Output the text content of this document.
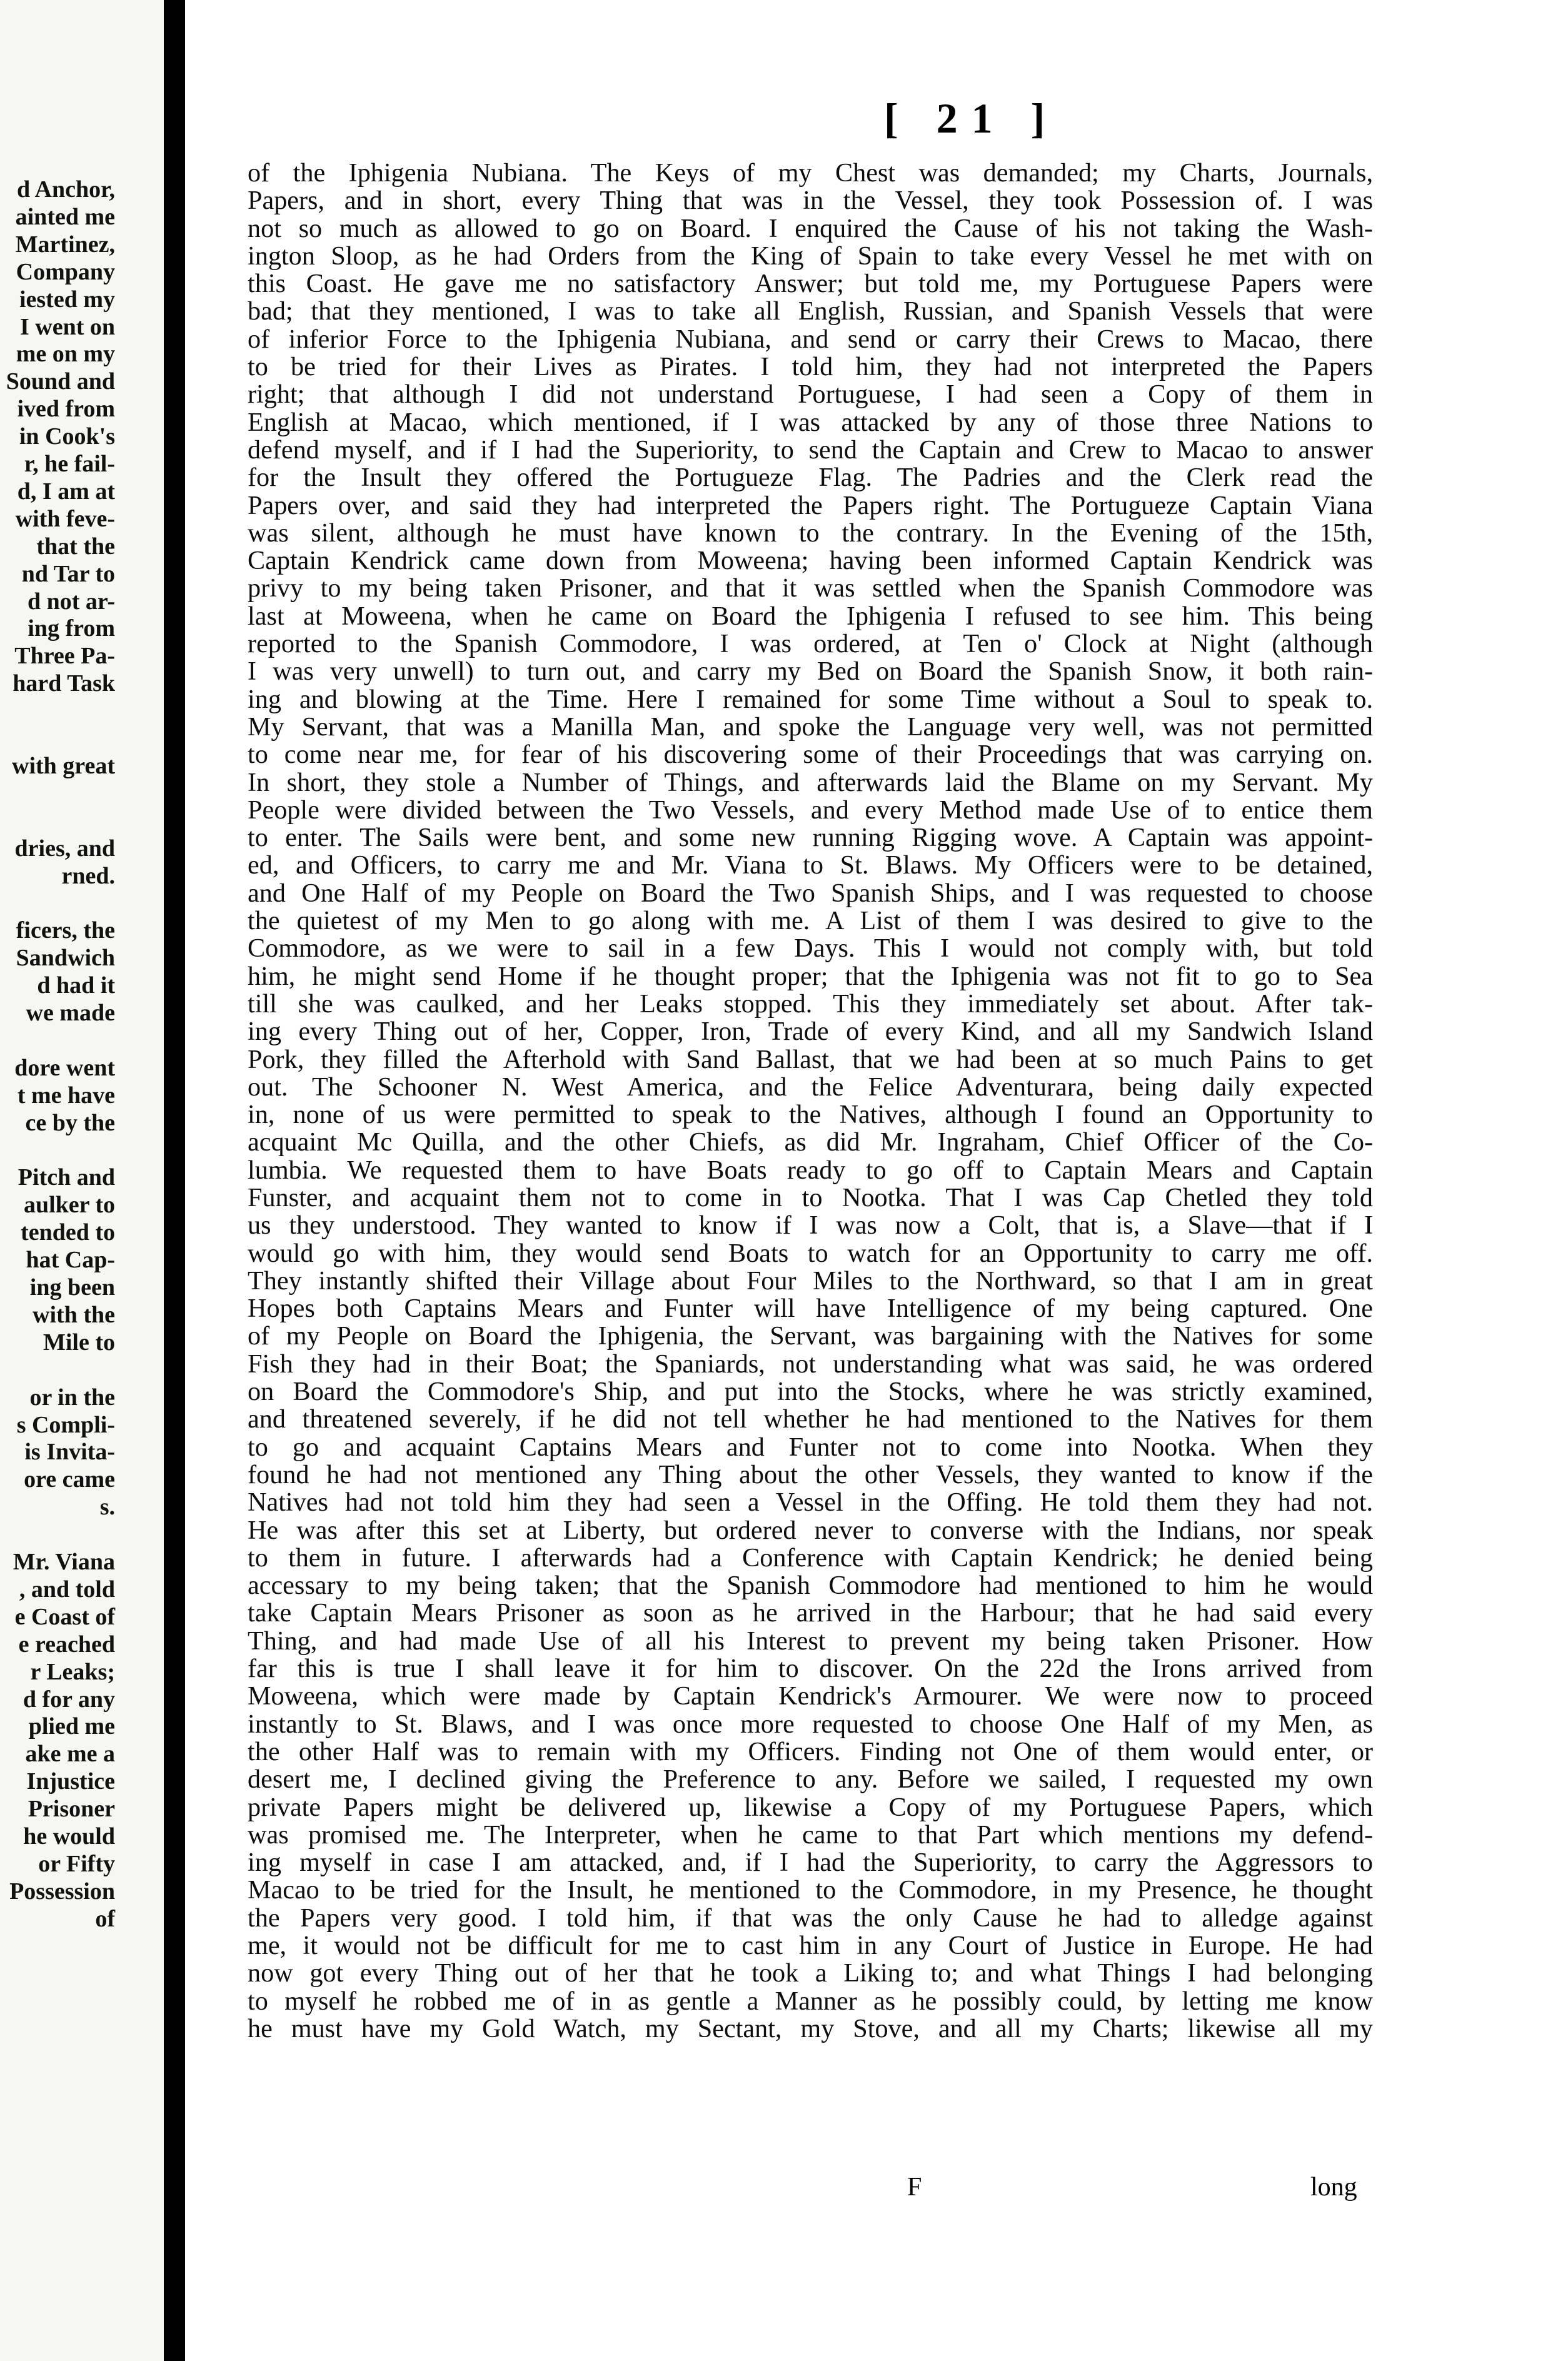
d Anchor,
ainted me
Martinez,
Company
iested my
I went on
me on my
Sound and
ived from
in Cook's
r, he fail-
d, I am at
with feve-
that the
nd Tar to
d not ar-
ing from
Three Pa-
hard Task
with great
dries, and
rned.
ficers, the
Sandwich
d had it
we made
dore went
t me have
ce by the
Pitch and
aulker to
tended to
hat Cap-
ing been
with the
Mile to
or in the
s Compli-
is Invita-
ore came
s.
Mr. Viana
, and told
e Coast of
e reached
r Leaks;
d for any
plied me
ake me a
Injustice
Prisoner
he would
or Fifty
Possession
of
[ 21 ]
of the Iphigenia Nubiana. The Keys of my Chest was demanded; my Charts, Journals,
Papers, and in short, every Thing that was in the Vessel, they took Possession of. I was
not so much as allowed to go on Board. I enquired the Cause of his not taking the Wash-
ington Sloop, as he had Orders from the King of Spain to take every Vessel he met with on
this Coast. He gave me no satisfactory Answer; but told me, my Portuguese Papers were
bad; that they mentioned, I was to take all English, Russian, and Spanish Vessels that were
of inferior Force to the Iphigenia Nubiana, and send or carry their Crews to Macao, there
to be tried for their Lives as Pirates. I told him, they had not interpreted the Papers
right; that although I did not understand Portuguese, I had seen a Copy of them in
English at Macao, which mentioned, if I was attacked by any of those three Nations to
defend myself, and if I had the Superiority, to send the Captain and Crew to Macao to answer
for the Insult they offered the Portugueze Flag. The Padries and the Clerk read the
Papers over, and said they had interpreted the Papers right. The Portugueze Captain Viana
was silent, although he must have known to the contrary. In the Evening of the 15th,
Captain Kendrick came down from Moweena; having been informed Captain Kendrick was
privy to my being taken Prisoner, and that it was settled when the Spanish Commodore was
last at Moweena, when he came on Board the Iphigenia I refused to see him. This being
reported to the Spanish Commodore, I was ordered, at Ten o' Clock at Night (although
I was very unwell) to turn out, and carry my Bed on Board the Spanish Snow, it both rain-
ing and blowing at the Time. Here I remained for some Time without a Soul to speak to.
My Servant, that was a Manilla Man, and spoke the Language very well, was not permitted
to come near me, for fear of his discovering some of their Proceedings that was carrying on.
In short, they stole a Number of Things, and afterwards laid the Blame on my Servant. My
People were divided between the Two Vessels, and every Method made Use of to entice them
to enter. The Sails were bent, and some new running Rigging wove. A Captain was appoint-
ed, and Officers, to carry me and Mr. Viana to St. Blaws. My Officers were to be detained,
and One Half of my People on Board the Two Spanish Ships, and I was requested to choose
the quietest of my Men to go along with me. A List of them I was desired to give to the
Commodore, as we were to sail in a few Days. This I would not comply with, but told
him, he might send Home if he thought proper; that the Iphigenia was not fit to go to Sea
till she was caulked, and her Leaks stopped. This they immediately set about. After tak-
ing every Thing out of her, Copper, Iron, Trade of every Kind, and all my Sandwich Island
Pork, they filled the Afterhold with Sand Ballast, that we had been at so much Pains to get
out. The Schooner N. West America, and the Felice Adventurara, being daily expected
in, none of us were permitted to speak to the Natives, although I found an Opportunity to
acquaint Mc Quilla, and the other Chiefs, as did Mr. Ingraham, Chief Officer of the Co-
lumbia. We requested them to have Boats ready to go off to Captain Mears and Captain
Funster, and acquaint them not to come in to Nootka. That I was Cap Chetled they told
us they understood. They wanted to know if I was now a Colt, that is, a Slave—that if I
would go with him, they would send Boats to watch for an Opportunity to carry me off.
They instantly shifted their Village about Four Miles to the Northward, so that I am in great
Hopes both Captains Mears and Funter will have Intelligence of my being captured. One
of my People on Board the Iphigenia, the Servant, was bargaining with the Natives for some
Fish they had in their Boat; the Spaniards, not understanding what was said, he was ordered
on Board the Commodore's Ship, and put into the Stocks, where he was strictly examined,
and threatened severely, if he did not tell whether he had mentioned to the Natives for them
to go and acquaint Captains Mears and Funter not to come into Nootka. When they
found he had not mentioned any Thing about the other Vessels, they wanted to know if the
Natives had not told him they had seen a Vessel in the Offing. He told them they had not.
He was after this set at Liberty, but ordered never to converse with the Indians, nor speak
to them in future. I afterwards had a Conference with Captain Kendrick; he denied being
accessary to my being taken; that the Spanish Commodore had mentioned to him he would
take Captain Mears Prisoner as soon as he arrived in the Harbour; that he had said every
Thing, and had made Use of all his Interest to prevent my being taken Prisoner. How
far this is true I shall leave it for him to discover. On the 22d the Irons arrived from
Moweena, which were made by Captain Kendrick's Armourer. We were now to proceed
instantly to St. Blaws, and I was once more requested to choose One Half of my Men, as
the other Half was to remain with my Officers. Finding not One of them would enter, or
desert me, I declined giving the Preference to any. Before we sailed, I requested my own
private Papers might be delivered up, likewise a Copy of my Portuguese Papers, which
was promised me. The Interpreter, when he came to that Part which mentions my defend-
ing myself in case I am attacked, and, if I had the Superiority, to carry the Aggressors to
Macao to be tried for the Insult, he mentioned to the Commodore, in my Presence, he thought
the Papers very good. I told him, if that was the only Cause he had to alledge against
me, it would not be difficult for me to cast him in any Court of Justice in Europe. He had
now got every Thing out of her that he took a Liking to; and what Things I had belonging
to myself he robbed me of in as gentle a Manner as he possibly could, by letting me know
he must have my Gold Watch, my Sectant, my Stove, and all my Charts; likewise all my
F	long
